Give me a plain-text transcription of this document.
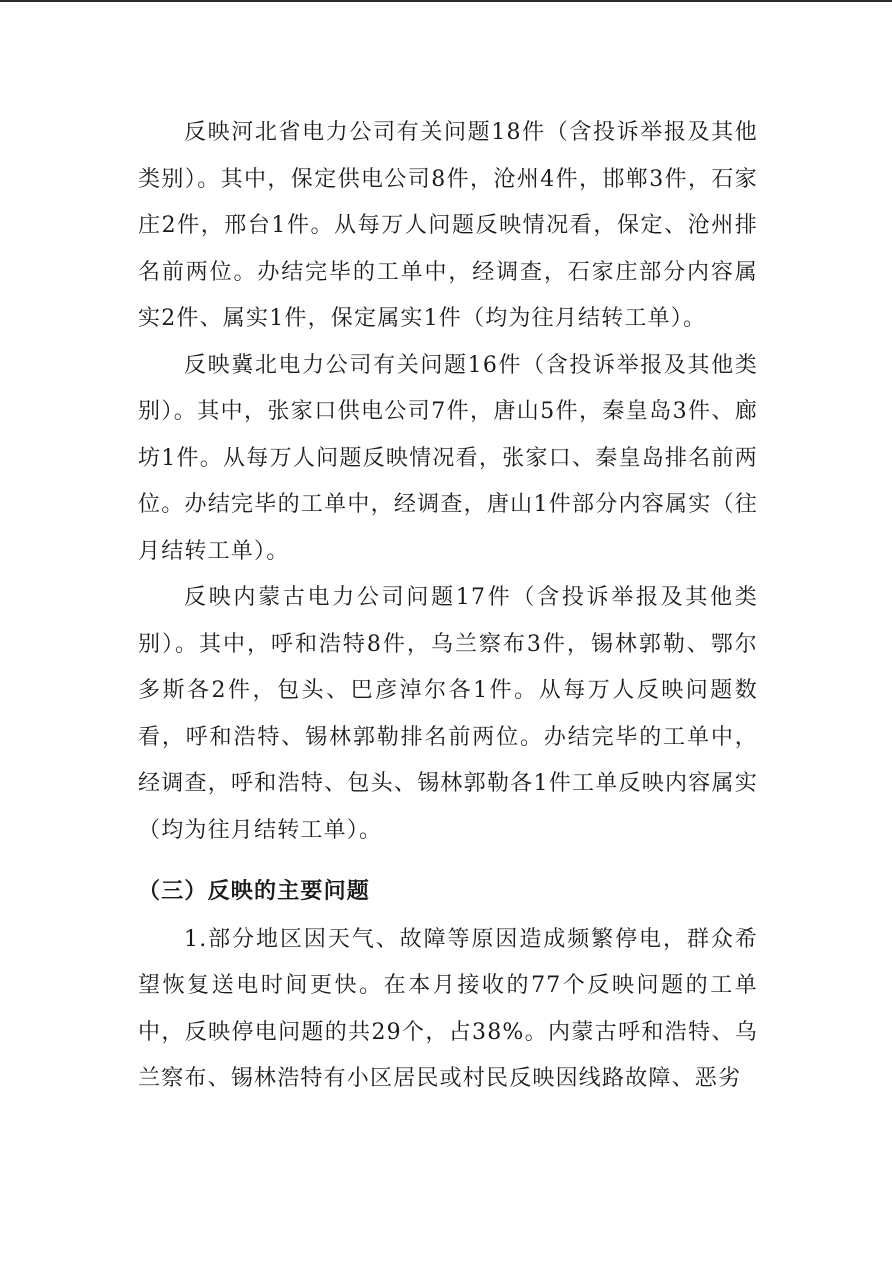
反映河北省电力公司有关问题18件（含投诉举报及其他类别）。其中，保定供电公司8件，沧州4件，邯郸3件，石家庄2件，邢台1件。从每万人问题反映情况看，保定、沧州排名前两位。办结完毕的工单中，经调查，石家庄部分内容属实2件、属实1件，保定属实1件（均为往月结转工单）。

反映冀北电力公司有关问题16件（含投诉举报及其他类别）。其中，张家口供电公司7件，唐山5件，秦皇岛3件、廊坊1件。从每万人问题反映情况看，张家口、秦皇岛排名前两位。办结完毕的工单中，经调查，唐山1件部分内容属实（往月结转工单）。

反映内蒙古电力公司问题17件（含投诉举报及其他类别）。其中，呼和浩特8件，乌兰察布3件，锡林郭勒、鄂尔多斯各2件，包头、巴彦淖尔各1件。从每万人反映问题数看，呼和浩特、锡林郭勒排名前两位。办结完毕的工单中，经调查，呼和浩特、包头、锡林郭勒各1件工单反映内容属实（均为往月结转工单）。

（三）反映的主要问题

1.部分地区因天气、故障等原因造成频繁停电，群众希望恢复送电时间更快。在本月接收的77个反映问题的工单中，反映停电问题的共29个，占38%。内蒙古呼和浩特、乌兰察布、锡林浩特有小区居民或村民反映因线路故障、恶劣
